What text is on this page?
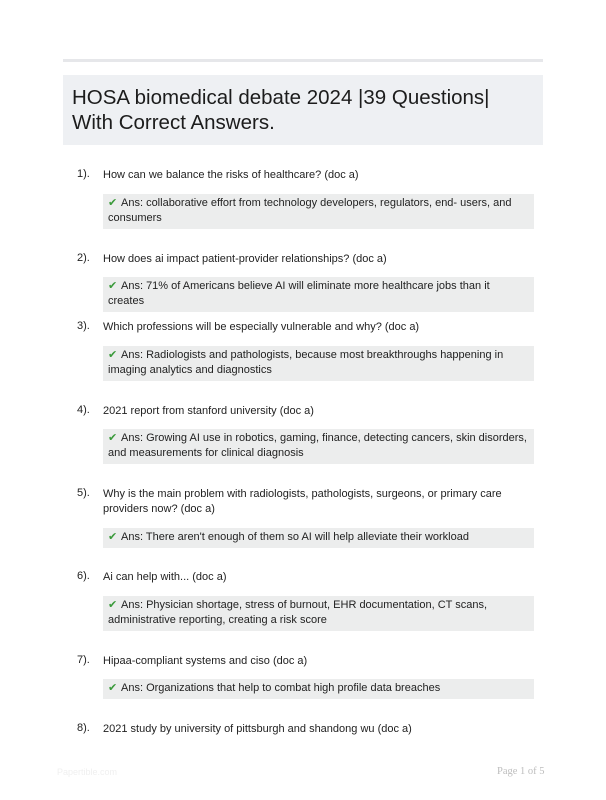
HOSA biomedical debate 2024 |39 Questions| With Correct Answers.
1). How can we balance the risks of healthcare? (doc a)
✔ Ans: collaborative effort from technology developers, regulators, end- users, and consumers
2). How does ai impact patient-provider relationships? (doc a)
✔ Ans: 71% of Americans believe AI will eliminate more healthcare jobs than it creates
3). Which professions will be especially vulnerable and why? (doc a)
✔ Ans: Radiologists and pathologists, because most breakthroughs happening in imaging analytics and diagnostics
4). 2021 report from stanford university (doc a)
✔ Ans: Growing AI use in robotics, gaming, finance, detecting cancers, skin disorders, and measurements for clinical diagnosis
5). Why is the main problem with radiologists, pathologists, surgeons, or primary care providers now? (doc a)
✔ Ans: There aren't enough of them so AI will help alleviate their workload
6). Ai can help with... (doc a)
✔ Ans: Physician shortage, stress of burnout, EHR documentation, CT scans, administrative reporting, creating a risk score
7). Hipaa-compliant systems and ciso (doc a)
✔ Ans: Organizations that help to combat high profile data breaches
8). 2021 study by university of pittsburgh and shandong wu (doc a)
Papertible.com	Page 1 of 5
